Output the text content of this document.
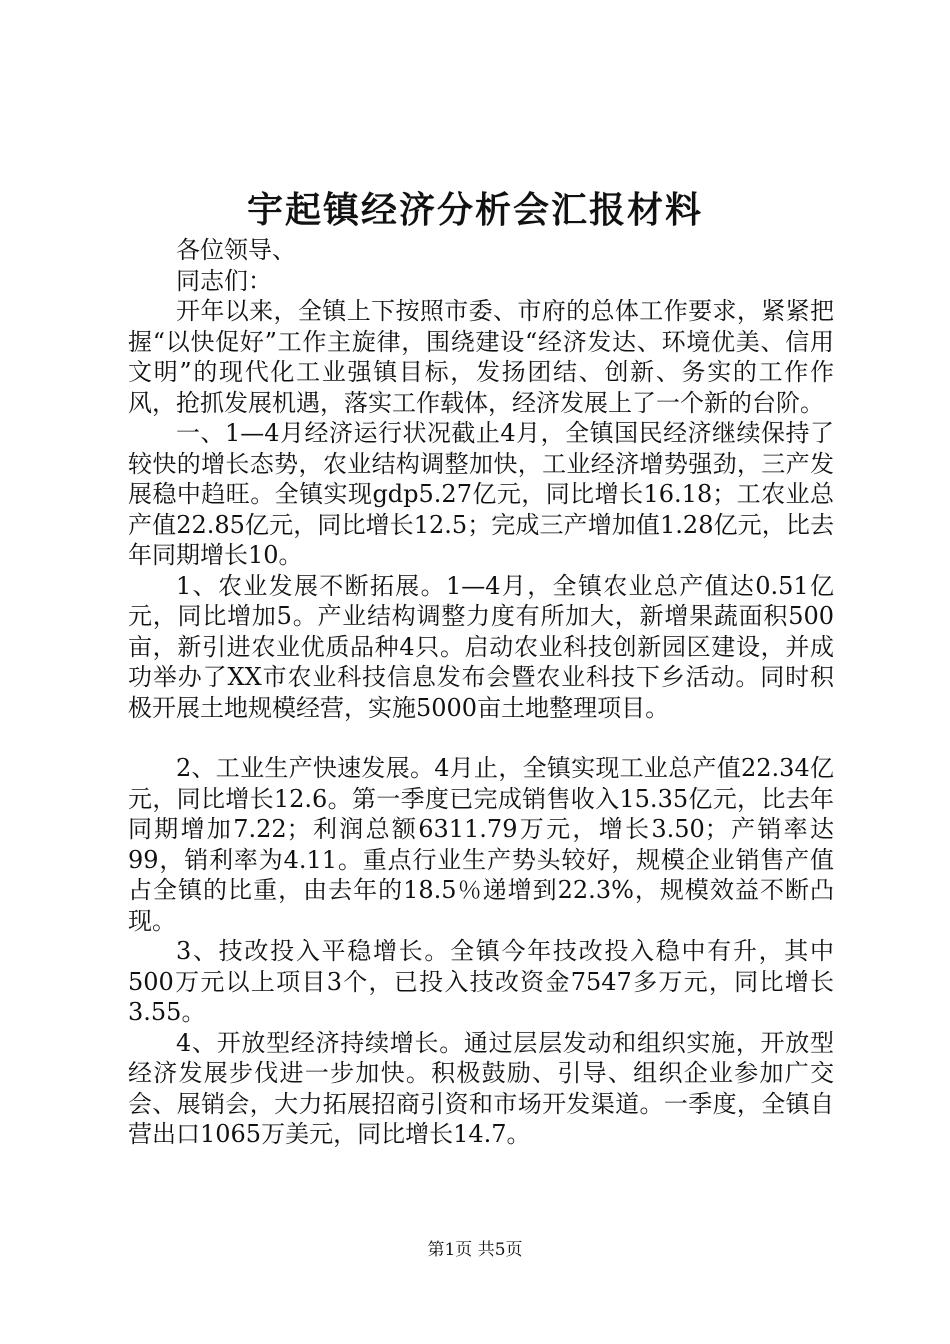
宇起镇经济分析会汇报材料

各位领导、

同志们：

开年以来，全镇上下按照市委、市府的总体工作要求，紧紧把握“以快促好”工作主旋律，围绕建设“经济发达、环境优美、信用文明”的现代化工业强镇目标，发扬团结、创新、务实的工作作风，抢抓发展机遇，落实工作载体，经济发展上了一个新的台阶。

一、1—4月经济运行状况截止4月，全镇国民经济继续保持了较快的增长态势，农业结构调整加快，工业经济增势强劲，三产发展稳中趋旺。全镇实现gdp5.27亿元，同比增长16.18；工农业总产值22.85亿元，同比增长12.5；完成三产增加值1.28亿元，比去年同期增长10。

1、农业发展不断拓展。1—4月，全镇农业总产值达0.51亿元，同比增加5。产业结构调整力度有所加大，新增果蔬面积500亩，新引进农业优质品种4只。启动农业科技创新园区建设，并成功举办了XX市农业科技信息发布会暨农业科技下乡活动。同时积极开展土地规模经营，实施5000亩土地整理项目。

2、工业生产快速发展。4月止，全镇实现工业总产值22.34亿元，同比增长12.6。第一季度已完成销售收入15.35亿元，比去年同期增加7.22；利润总额6311.79万元，增长3.50；产销率达99，销利率为4.11。重点行业生产势头较好，规模企业销售产值占全镇的比重，由去年的18.5％递增到22.3%，规模效益不断凸现。

3、技改投入平稳增长。全镇今年技改投入稳中有升，其中500万元以上项目3个，已投入技改资金7547多万元，同比增长3.55。

4、开放型经济持续增长。通过层层发动和组织实施，开放型经济发展步伐进一步加快。积极鼓励、引导、组织企业参加广交会、展销会，大力拓展招商引资和市场开发渠道。一季度，全镇自营出口1065万美元，同比增长14.7。

第1页 共5页
